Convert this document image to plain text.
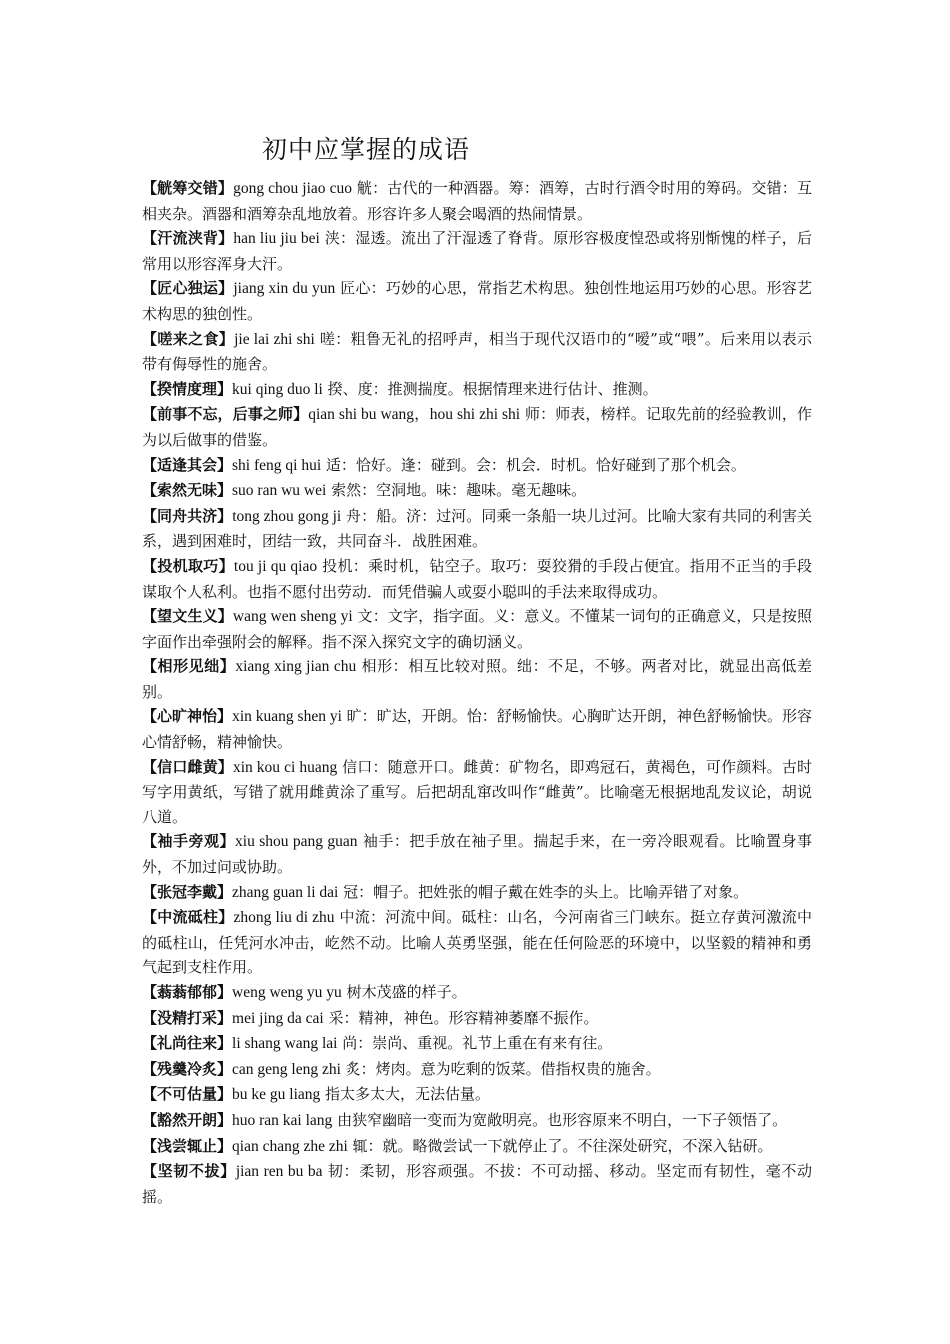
初中应掌握的成语
【觥筹交错】gong chou jiao cuo 觥：古代的一种酒器。筹：酒筹，古时行酒令时用的筹码。交错：互相夹杂。酒器和酒筹杂乱地放着。形容许多人聚会喝酒的热闹情景。
【汗流浃背】han liu jiu bei 浃：湿透。流出了汗湿透了脊背。原形容极度惶恐或将别惭愧的样子，后常用以形容浑身大汗。
【匠心独运】jiang xin du yun 匠心：巧妙的心思，常指艺术构思。独创性地运用巧妙的心思。形容艺术构思的独创性。
【嗟来之食】jie lai zhi shi 嗟：粗鲁无礼的招呼声，相当于现代汉语巾的“嗳”或“喂”。后来用以表示带有侮辱性的施舍。
【揆情度理】kui qing duo li 揆、度：推测揣度。根据情理来进行估计、推测。
【前事不忘，后事之师】qian shi bu wang，hou shi zhi shi 师：师表，榜样。记取先前的经验教训，作为以后做事的借鉴。
【适逢其会】shi feng qi hui 适：恰好。逢：碰到。会：机会．时机。恰好碰到了那个机会。
【索然无味】suo ran wu wei 索然：空洞地。味：趣味。毫无趣味。
【同舟共济】tong zhou gong ji 舟：船。济：过河。同乘一条船一块儿过河。比喻大家有共同的利害关系，遇到困难时，团结一致，共同奋斗．战胜困难。
【投机取巧】tou ji qu qiao 投机：乘时机，钻空子。取巧：耍狡猾的手段占便宜。指用不正当的手段谋取个人私利。也指不愿付出劳动．而凭借骗人或耍小聪叫的手法来取得成功。
【望文生义】wang wen sheng yi 文：文字，指字面。义：意义。不懂某一词句的正确意义，只是按照字面作出牵强附会的解释。指不深入探究文字的确切涵义。
【相形见绌】xiang xing jian chu 相形：相互比较对照。绌：不足，不够。两者对比，就显出高低差别。
【心旷神怡】xin kuang shen yi 旷：旷达，开朗。怡：舒畅愉快。心胸旷达开朗，神色舒畅愉快。形容心情舒畅，精神愉快。
【信口雌黄】xin kou ci huang 信口：随意开口。雌黄：矿物名，即鸡冠石，黄褐色，可作颜料。古时写字用黄纸，写错了就用雌黄涂了重写。后把胡乱窜改叫作“雌黄”。比喻毫无根据地乱发议论，胡说八道。
【袖手旁观】xiu shou pang guan 袖手：把手放在袖子里。揣起手来，在一旁冷眼观看。比喻置身事外，不加过问或协助。
【张冠李戴】zhang guan li dai 冠：帽子。把姓张的帽子戴在姓李的头上。比喻弄错了对象。
【中流砥柱】zhong liu di zhu 中流：河流中间。砥柱：山名，今河南省三门峡东。挺立存黄河激流中的砥柱山，任凭河水冲击，屹然不动。比喻人英勇坚强，能在任何险恶的环境中，以坚毅的精神和勇气起到支柱作用。
【蓊蓊郁郁】weng weng yu yu 树木茂盛的样子。
【没精打采】mei jing da cai 采：精神，神色。形容精神萎靡不振作。
【礼尚往来】li shang wang lai 尚：崇尚、重视。礼节上重在有来有往。
【残羹冷炙】can geng leng zhi 炙：烤肉。意为吃剩的饭菜。借指权贵的施舍。
【不可估量】bu ke gu liang 指太多太大，无法估量。
【豁然开朗】huo ran kai lang 由狭窄幽暗一变而为宽敞明亮。也形容原来不明白，一下子领悟了。
【浅尝辄止】qian chang zhe zhi 辄：就。略微尝试一下就停止了。不往深处研究，不深入钻研。
【坚韧不拔】jian ren bu ba 韧：柔韧，形容顽强。不拔：不可动摇、移动。坚定而有韧性，毫不动摇。
